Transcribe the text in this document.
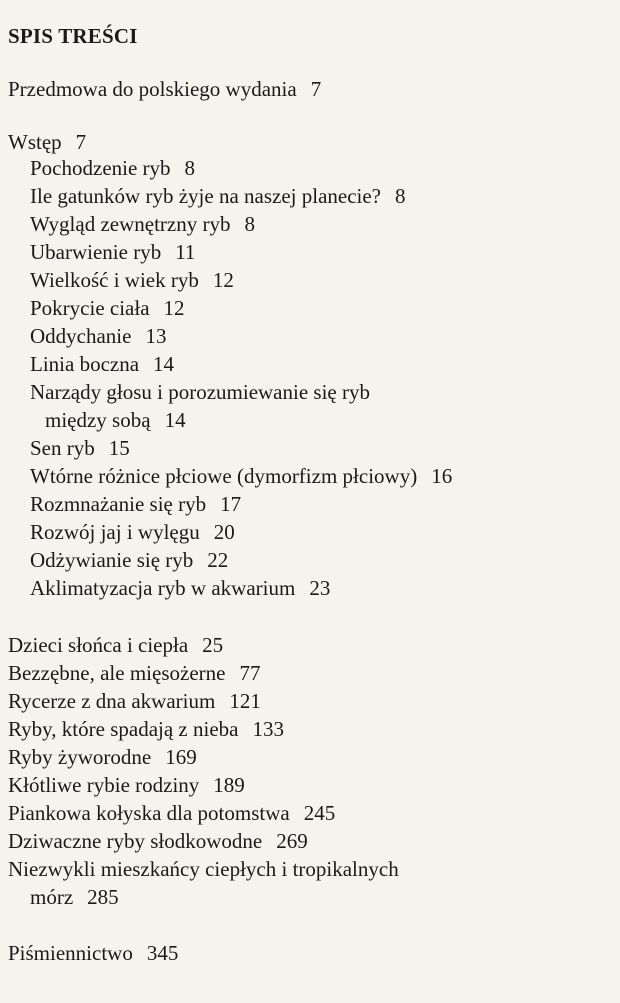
SPIS TREŚCI
Przedmowa do polskiego wydania 7
Wstęp 7
Pochodzenie ryb 8
Ile gatunków ryb żyje na naszej planecie? 8
Wygląd zewnętrzny ryb 8
Ubarwienie ryb 11
Wielkość i wiek ryb 12
Pokrycie ciała 12
Oddychanie 13
Linia boczna 14
Narządy głosu i porozumiewanie się ryb
między sobą 14
Sen ryb 15
Wtórne różnice płciowe (dymorfizm płciowy) 16
Rozmnażanie się ryb 17
Rozwój jaj i wylęgu 20
Odżywianie się ryb 22
Aklimatyzacja ryb w akwarium 23
Dzieci słońca i ciepła 25
Bezzębne, ale mięsożerne 77
Rycerze z dna akwarium 121
Ryby, które spadają z nieba 133
Ryby żyworodne 169
Kłótliwe rybie rodziny 189
Piankowa kołyska dla potomstwa 245
Dziwaczne ryby słodkowodne 269
Niezwykli mieszkańcy ciepłych i tropikalnych
mórz 285
Piśmiennictwo 345
